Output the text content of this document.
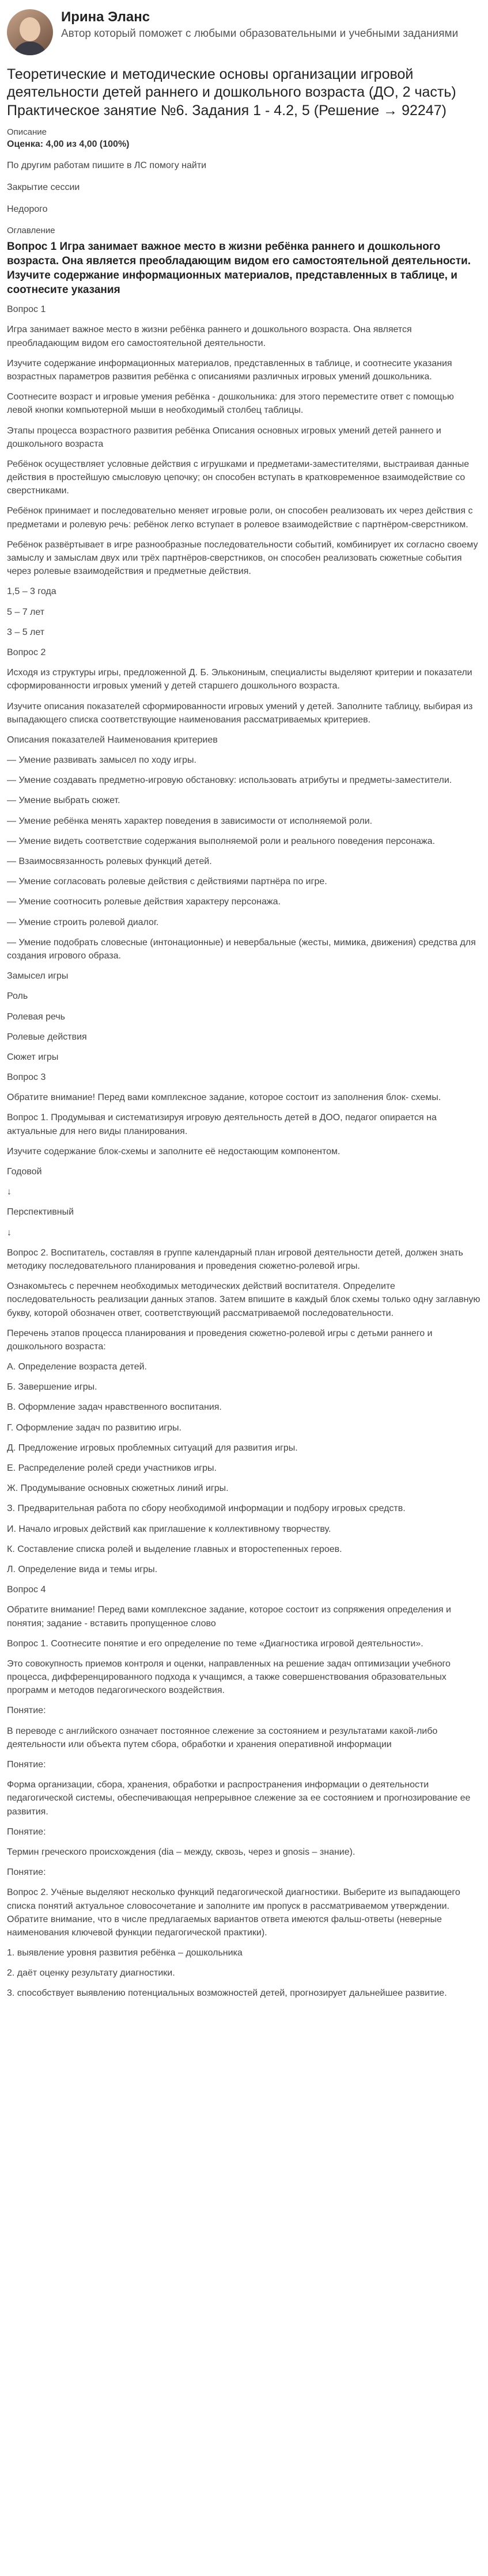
Ирина Эланс
Автор который поможет с любыми образовательными и учебными заданиями
Теоретические и методические основы организации игровой деятельности детей раннего и дошкольного возраста (ДО, 2 часть) Практическое занятие №6. Задания 1 - 4.2, 5 (Решение → 92247)

Описание

Оценка: 4,00 из 4,00 (100%)

По другим работам пишите в ЛС помогу найти

Закрытие сессии

Недорого

Оглавление

Вопрос 1 Игра занимает важное место в жизни ребёнка раннего и дошкольного возраста. Она является преобладающим видом его самостоятельной деятельности. Изучите содержание информационных материалов, представленных в таблице, и соотнесите указания

Вопрос 1

Игра занимает важное место в жизни ребёнка раннего и дошкольного возраста. Она является преобладающим видом его самостоятельной деятельности.

Изучите содержание информационных материалов, представленных в таблице, и соотнесите указания возрастных параметров развития ребёнка с описаниями различных игровых умений дошкольника.

Соотнесите возраст и игровые умения ребёнка - дошкольника: для этого переместите ответ с помощью левой кнопки компьютерной мыши в необходимый столбец таблицы.

Этапы процесса возрастного развития ребёнка Описания основных игровых умений детей раннего и дошкольного возраста

Ребёнок осуществляет условные действия с игрушками и предметами-заместителями, выстраивая данные действия в простейшую смысловую цепочку; он способен вступать в кратковременное взаимодействие со сверстниками.

Ребёнок принимает и последовательно меняет игровые роли, он способен реализовать их через действия с предметами и ролевую речь: ребёнок легко вступает в ролевое взаимодействие с партнёром-сверстником.

Ребёнок развёртывает в игре разнообразные последовательности событий, комбинирует их согласно своему замыслу и замыслам двух или трёх партнёров-сверстников, он способен реализовать сюжетные события через ролевые взаимодействия и предметные действия.

1,5 – 3 года

5 – 7 лет

3 – 5 лет

Вопрос 2

Исходя из структуры игры, предложенной Д. Б. Элькониным, специалисты выделяют критерии и показатели сформированности игровых умений у детей старшего дошкольного возраста.

Изучите описания показателей сформированности игровых умений у детей. Заполните таблицу, выбирая из выпадающего списка соответствующие наименования рассматриваемых критериев.

Описания показателей Наименования критериев

— Умение развивать замысел по ходу игры.

— Умение создавать предметно-игровую обстановку: использовать атрибуты и предметы-заместители.

— Умение выбрать сюжет.

— Умение ребёнка менять характер поведения в зависимости от исполняемой роли.

— Умение видеть соответствие содержания выполняемой роли и реального поведения персонажа.

— Взаимосвязанность ролевых функций детей.

— Умение согласовать ролевые действия с действиями партнёра по игре.

— Умение соотносить ролевые действия характеру персонажа.

— Умение строить ролевой диалог.

— Умение подобрать словесные (интонационные) и невербальные (жесты, мимика, движения) средства для создания игрового образа.

Замысел игры

Роль

Ролевая речь

Ролевые действия

Сюжет игры

Вопрос 3

Обратите внимание! Перед вами комплексное задание, которое состоит из заполнения блок- схемы.

Вопрос 1. Продумывая и систематизируя игровую деятельность детей в ДОО, педагог опирается на актуальные для него виды планирования.

Изучите содержание блок-схемы и заполните её недостающим компонентом.

Годовой

↓

Перспективный

↓

Вопрос 2. Воспитатель, составляя в группе календарный план игровой деятельности детей, должен знать методику последовательного планирования и проведения сюжетно-ролевой игры.

Ознакомьтесь с перечнем необходимых методических действий воспитателя. Определите последовательность реализации данных этапов. Затем впишите в каждый блок схемы только одну заглавную букву, которой обозначен ответ, соответствующий рассматриваемой последовательности.

Перечень этапов процесса планирования и проведения сюжетно-ролевой игры с детьми раннего и дошкольного возраста:

А. Определение возраста детей.

Б. Завершение игры.

В. Оформление задач нравственного воспитания.

Г. Оформление задач по развитию игры.

Д. Предложение игровых проблемных ситуаций для развития игры.

Е. Распределение ролей среди участников игры.

Ж. Продумывание основных сюжетных линий игры.

З. Предварительная работа по сбору необходимой информации и подбору игровых средств.

И. Начало игровых действий как приглашение к коллективному творчеству.

К. Составление списка ролей и выделение главных и второстепенных героев.

Л. Определение вида и темы игры.

Вопрос 4

Обратите внимание! Перед вами комплексное задание, которое состоит из сопряжения определения и понятия; задание - вставить пропущенное слово

Вопрос 1. Соотнесите понятие и его определение по теме «Диагностика игровой деятельности».

Это совокупность приемов контроля и оценки, направленных на решение задач оптимизации учебного процесса, дифференцированного подхода к учащимся, а также совершенствования образовательных программ и методов педагогического воздействия.

Понятие:

В переводе с английского означает постоянное слежение за состоянием и результатами какой-либо деятельности или объекта путем сбора, обработки и хранения оперативной информации

Понятие:

Форма организации, сбора, хранения, обработки и распространения информации о деятельности педагогической системы, обеспечивающая непрерывное слежение за ее состоянием и прогнозирование ее развития.

Понятие:

Термин греческого происхождения (dia – между, сквозь, через и gnosis – знание).

Понятие:

Вопрос 2. Учёные выделяют несколько функций педагогической диагностики. Выберите из выпадающего списка понятий актуальное словосочетание и заполните им пропуск в рассматриваемом утверждении. Обратите внимание, что в числе предлагаемых вариантов ответа имеются фальш-ответы (неверные наименования ключевой функции педагогической практики).

1. выявление уровня развития ребёнка – дошкольника

2. даёт оценку результату диагностики.

3. способствует выявлению потенциальных возможностей детей, прогнозирует дальнейшее развитие.
